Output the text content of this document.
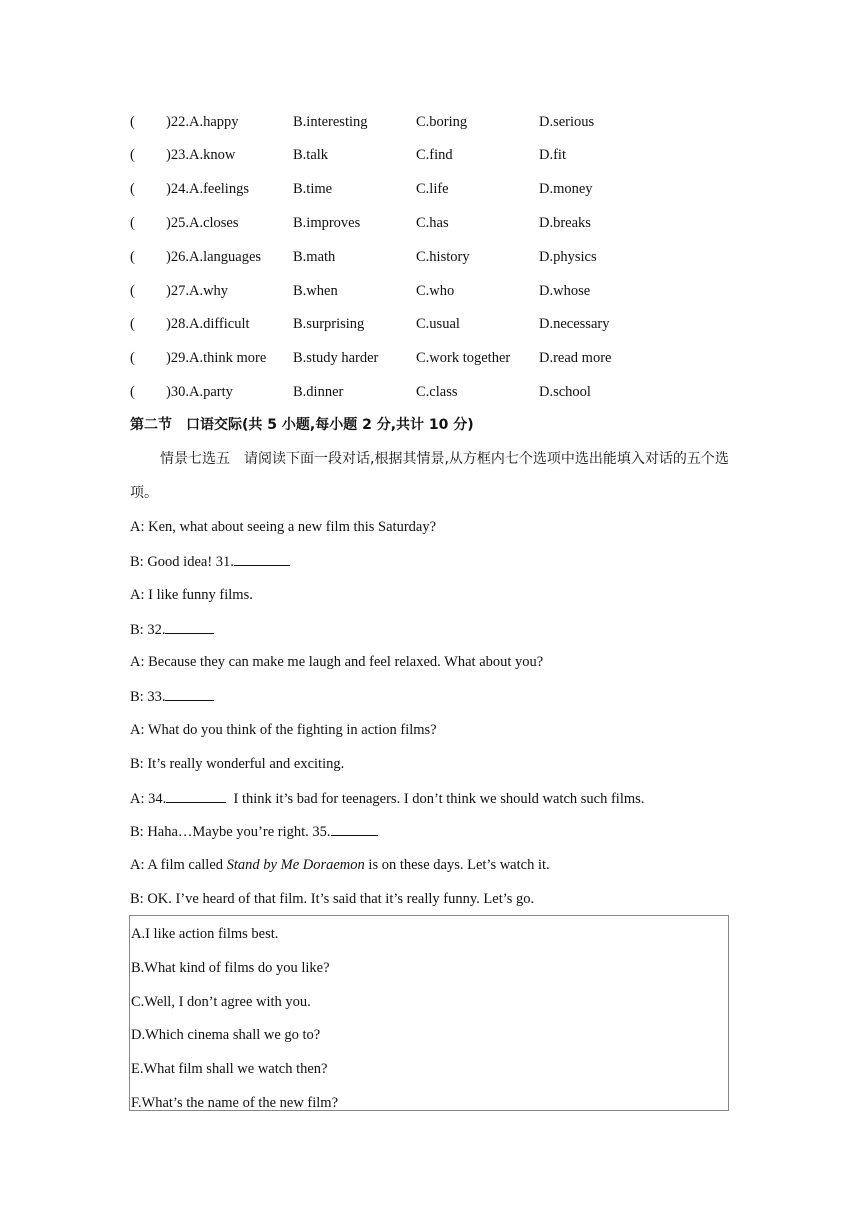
( )22.A.happy	B.interesting	C.boring	D.serious
( )23.A.know	B.talk	C.find	D.fit
( )24.A.feelings	B.time	C.life	D.money
( )25.A.closes	B.improves	C.has	D.breaks
( )26.A.languages B.math	C.history	D.physics
( )27.A.why	B.when	C.who	D.whose
( )28.A.difficult	B.surprising	C.usual	D.necessary
( )29.A.think more B.study harder	C.work together D.read more
( )30.A.party	B.dinner	C.class	D.school
第二节　口语交际(共 5 小题,每小题 2 分,共计 10 分)
情景七选五　请阅读下面一段对话,根据其情景,从方框内七个选项中选出能填入对话的五个选项。
A: Ken, what about seeing a new film this Saturday?
B: Good idea! 31.
A: I like funny films.
B: 32.
A: Because they can make me laugh and feel relaxed. What about you?
B: 33.
A: What do you think of the fighting in action films?
B: It’s really wonderful and exciting.
A: 34.	I think it’s bad for teenagers. I don’t think we should watch such films.
B: Haha…Maybe you’re right. 35.
A: A film called Stand by Me Doraemon is on these days. Let’s watch it.
B: OK. I’ve heard of that film. It’s said that it’s really funny. Let’s go.
A.I like action films best.
B.What kind of films do you like?
C.Well, I don’t agree with you.
D.Which cinema shall we go to?
E.What film shall we watch then?
F.What’s the name of the new film?
